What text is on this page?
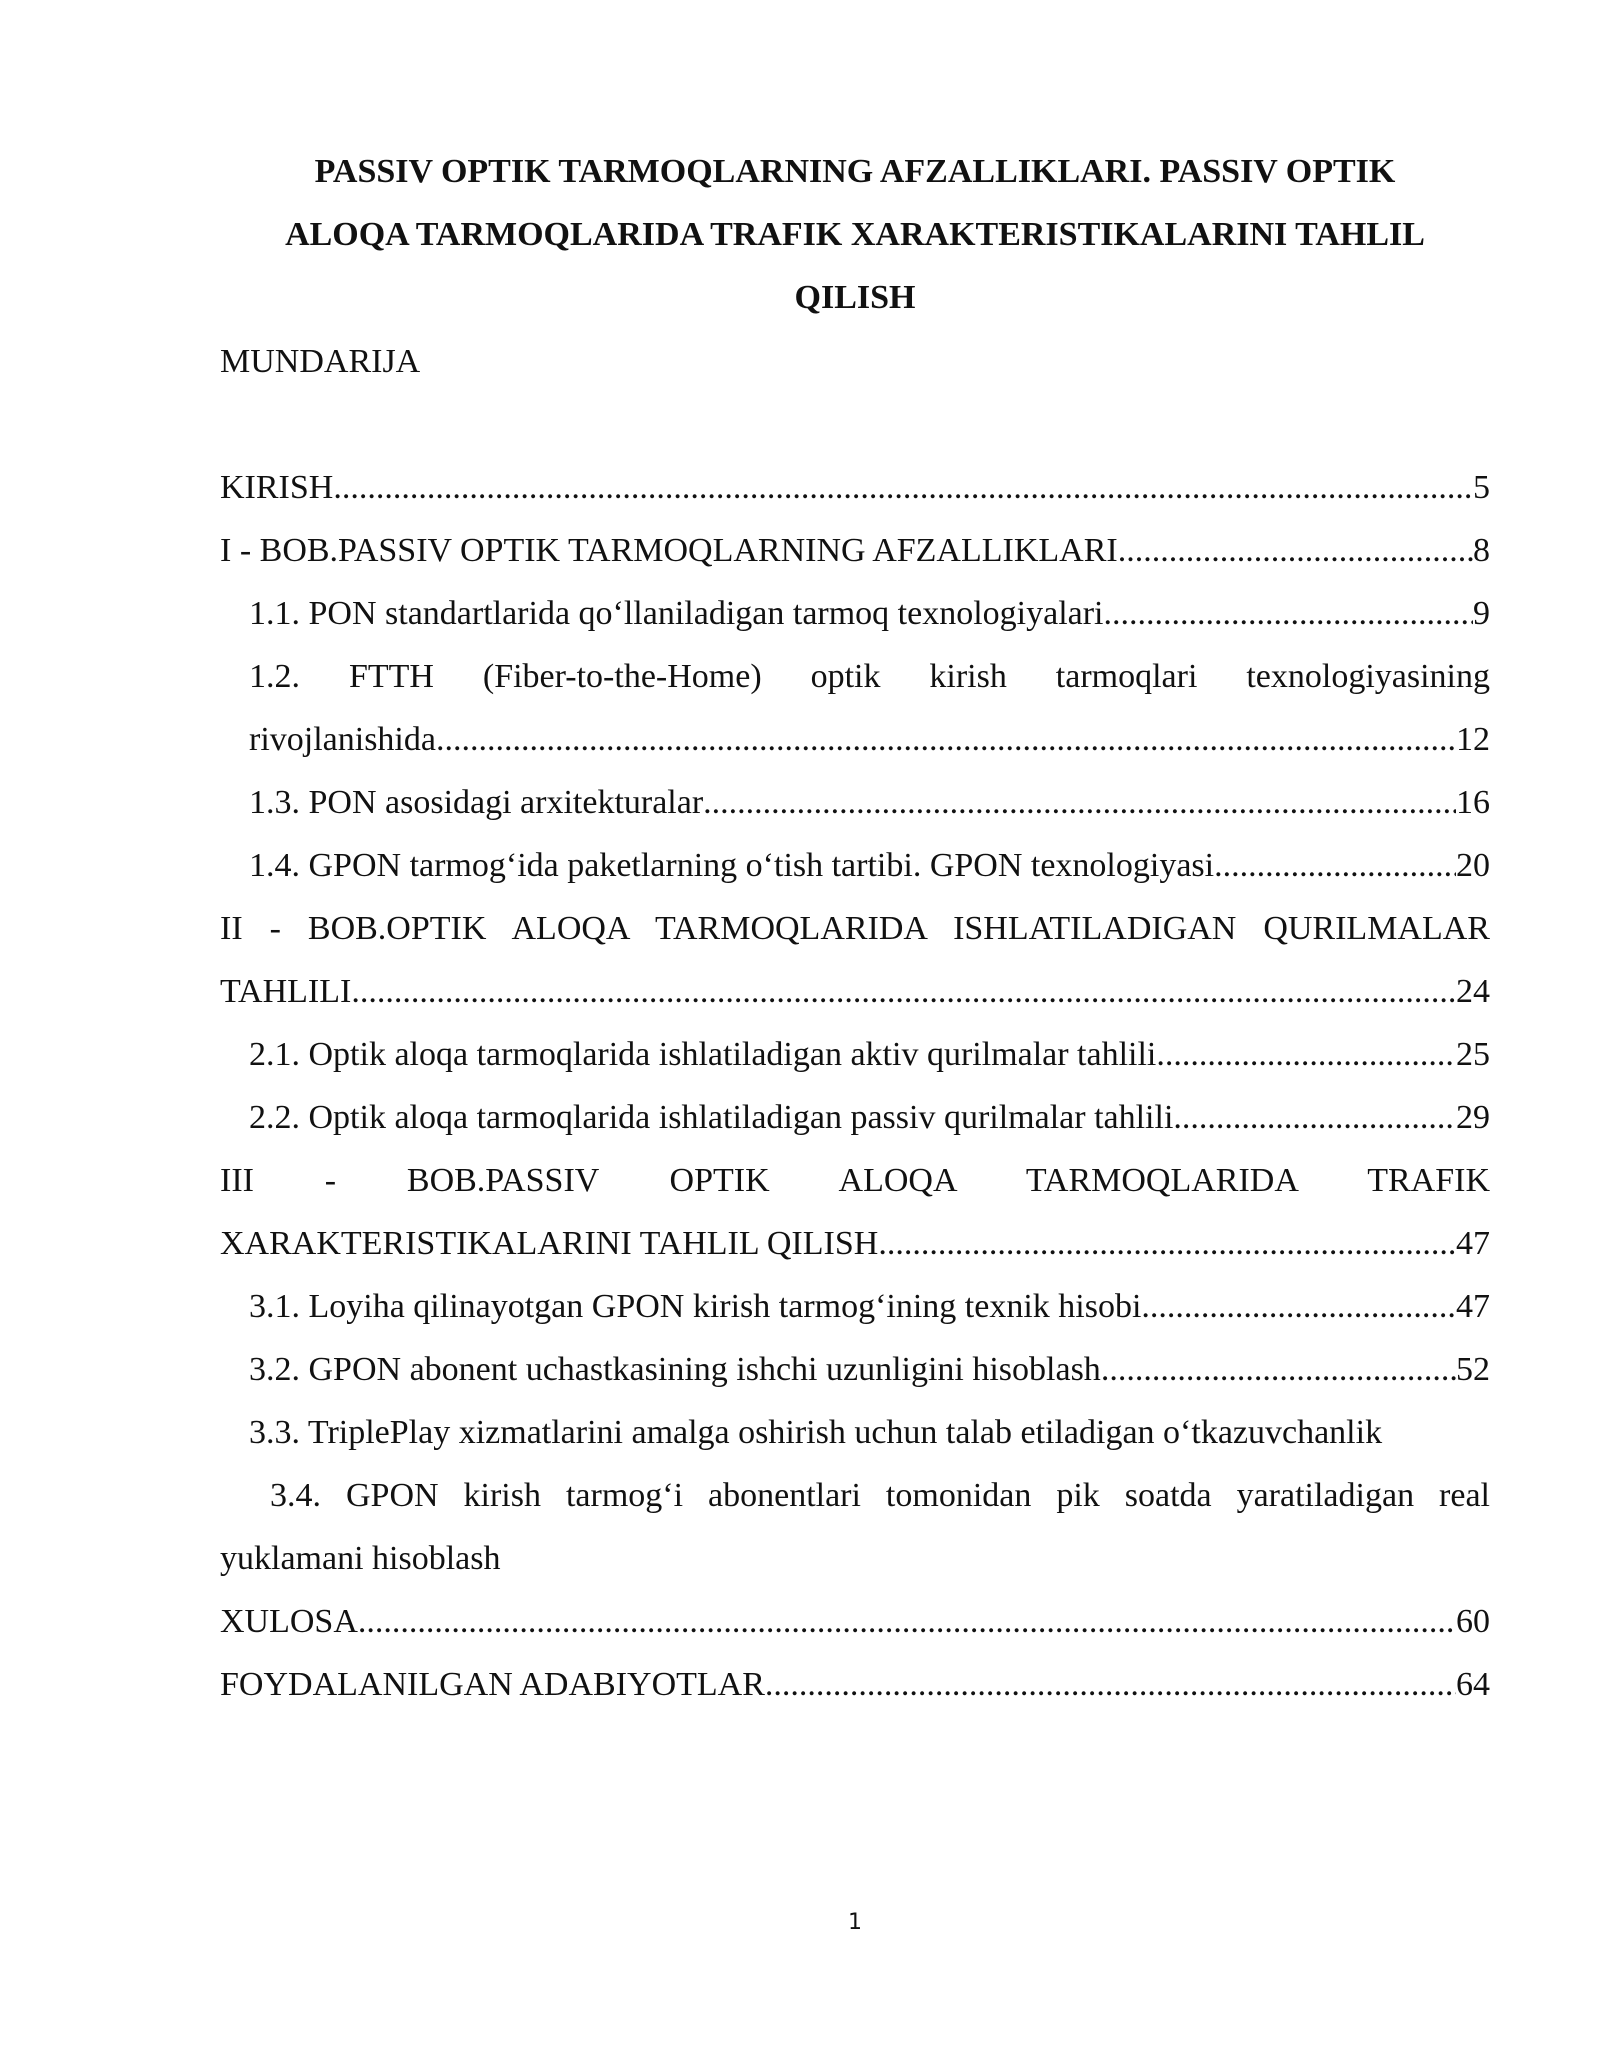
PASSIV OPTIK TARMOQLARNING AFZALLIKLARI. PASSIV OPTIK
ALOQA TARMOQLARIDA TRAFIK XARAKTERISTIKALARINI TAHLIL
QILISH
MUNDARIJA
KIRISH .....	5
I - BOB.PASSIV OPTIK TARMOQLARNING AFZALLIKLARI .....	8
1.1. PON standartlarida qo‘llaniladigan tarmoq texnologiyalari .....	9
1.2. FTTH (Fiber-to-the-Home) optik kirish tarmoqlari texnologiyasining
rivojlanishida .....	12
1.3. PON asosidagi arxitekturalar .....	16
1.4. GPON tarmog‘ida paketlarning o‘tish tartibi. GPON texnologiyasi .....	20
II - BOB.OPTIK ALOQA TARMOQLARIDA ISHLATILADIGAN QURILMALAR
TAHLILI .....	24
2.1. Optik aloqa tarmoqlarida ishlatiladigan aktiv qurilmalar tahlili .....	25
2.2. Optik aloqa tarmoqlarida ishlatiladigan passiv qurilmalar tahlili .....	29
III - BOB.PASSIV OPTIK ALOQA TARMOQLARIDA TRAFIK
XARAKTERISTIKALARINI TAHLIL QILISH .....	47
3.1. Loyiha qilinayotgan GPON kirish tarmog‘ining texnik hisobi .....	47
3.2. GPON abonent uchastkasining ishchi uzunligini hisoblash .....	52
3.3. TriplePlay xizmatlarini amalga oshirish uchun talab etiladigan o‘tkazuvchanlik
3.4. GPON kirish tarmog‘i abonentlari tomonidan pik soatda yaratiladigan real
yuklamani hisoblash
XULOSA .....	60
FOYDALANILGAN ADABIYOTLAR .....	64
1
